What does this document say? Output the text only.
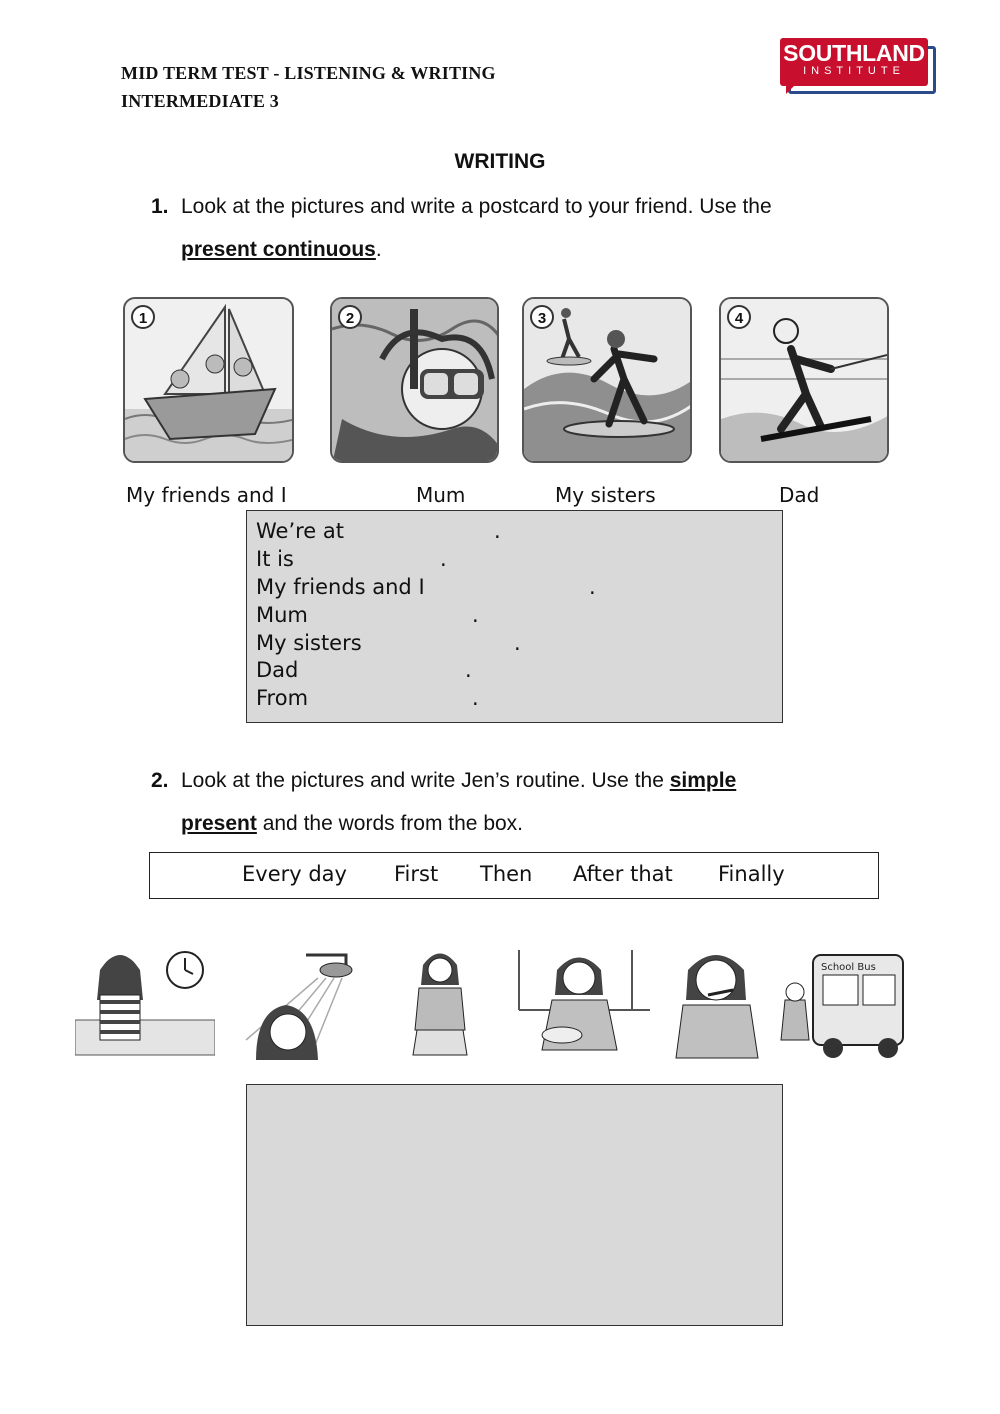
MID TERM TEST - LISTENING & WRITING
INTERMEDIATE 3
SOUTHLAND
INSTITUTE
WRITING
1. Look at the pictures and write a postcard to your friend. Use the
present continuous.
1	2	3	4
My friends and I	Mum	My sisters	Dad
We’re at	.
It is	.
My friends and I	.
Mum	.
My sisters	.
Dad	.
From	.
2. Look at the pictures and write Jen’s routine. Use the simple
present and the words from the box.
Every day First Then After that Finally
School Bus
